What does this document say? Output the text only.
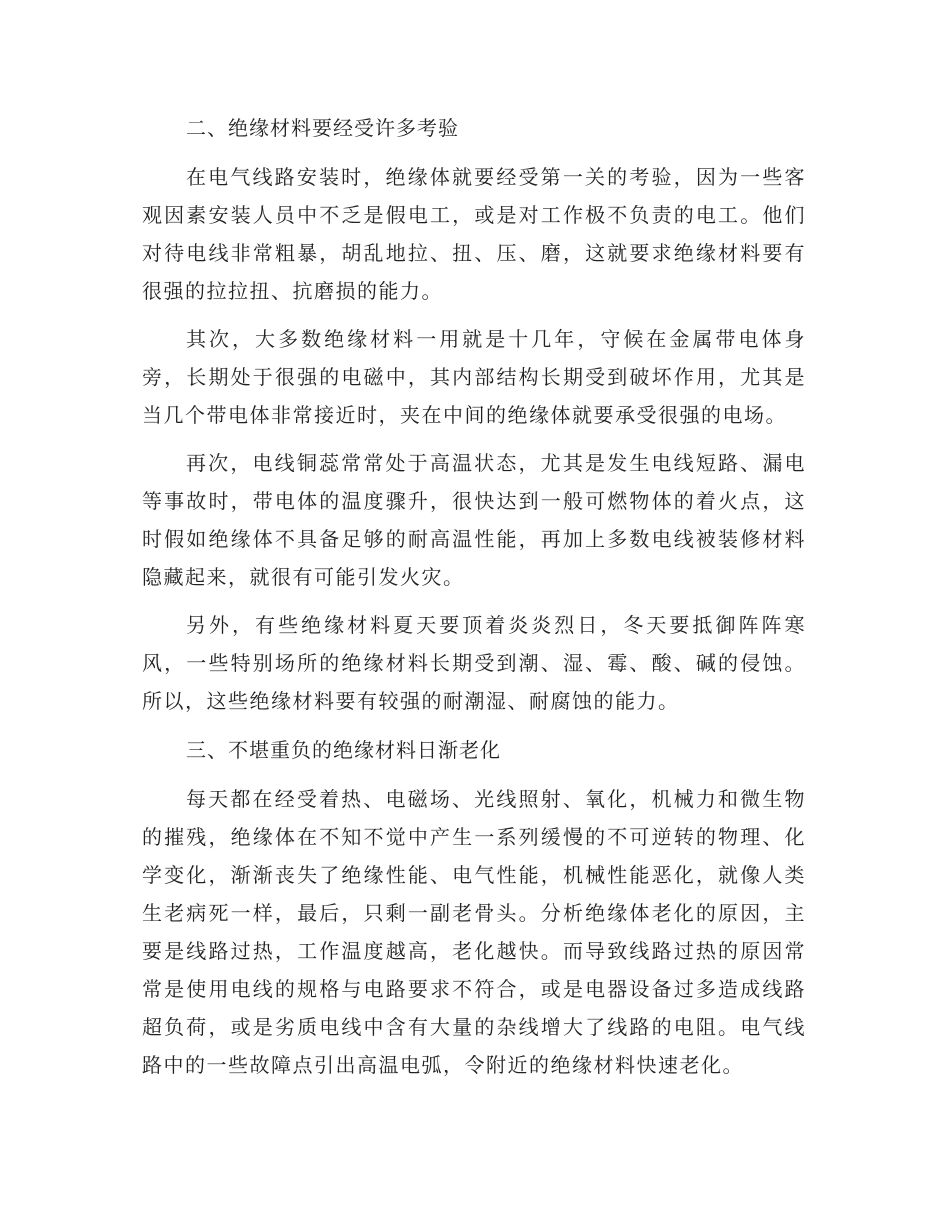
二、绝缘材料要经受许多考验

在电气线路安装时，绝缘体就要经受第一关的考验，因为一些客观因素安装人员中不乏是假电工，或是对工作极不负责的电工。他们对待电线非常粗暴，胡乱地拉、扭、压、磨，这就要求绝缘材料要有很强的拉拉扭、抗磨损的能力。

其次，大多数绝缘材料一用就是十几年，守候在金属带电体身旁，长期处于很强的电磁中，其内部结构长期受到破坏作用，尤其是当几个带电体非常接近时，夹在中间的绝缘体就要承受很强的电场。

再次，电线铜蕊常常处于高温状态，尤其是发生电线短路、漏电等事故时，带电体的温度骤升，很快达到一般可燃物体的着火点，这时假如绝缘体不具备足够的耐高温性能，再加上多数电线被装修材料隐藏起来，就很有可能引发火灾。

另外，有些绝缘材料夏天要顶着炎炎烈日，冬天要抵御阵阵寒风，一些特别场所的绝缘材料长期受到潮、湿、霉、酸、碱的侵蚀。所以，这些绝缘材料要有较强的耐潮湿、耐腐蚀的能力。

三、不堪重负的绝缘材料日渐老化

每天都在经受着热、电磁场、光线照射、氧化，机械力和微生物的摧残，绝缘体在不知不觉中产生一系列缓慢的不可逆转的物理、化学变化，渐渐丧失了绝缘性能、电气性能，机械性能恶化，就像人类生老病死一样，最后，只剩一副老骨头。分析绝缘体老化的原因，主要是线路过热，工作温度越高，老化越快。而导致线路过热的原因常常是使用电线的规格与电路要求不符合，或是电器设备过多造成线路超负荷，或是劣质电线中含有大量的杂线增大了线路的电阻。电气线路中的一些故障点引出高温电弧，令附近的绝缘材料快速老化。
